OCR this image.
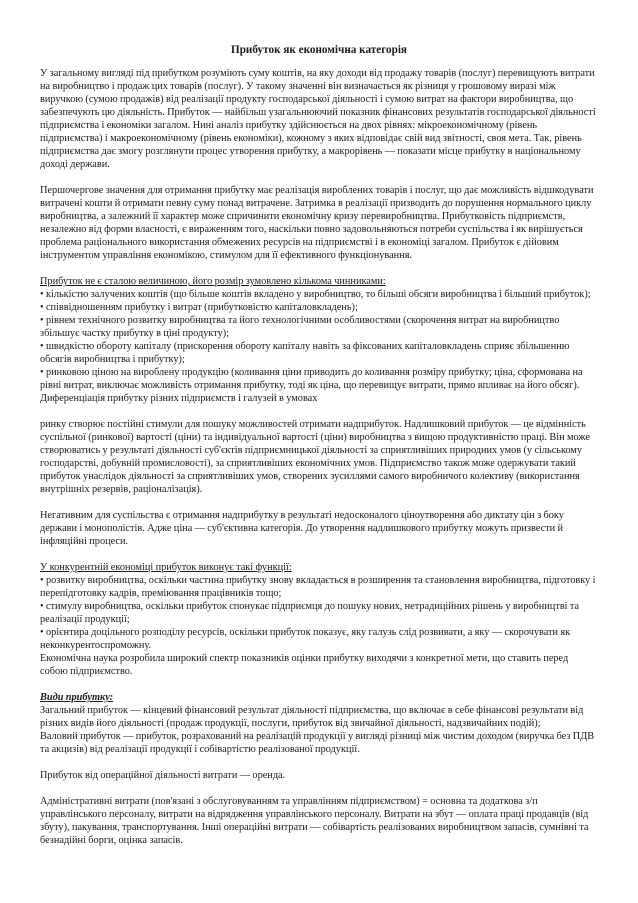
Прибуток як економічна категорія

У загальному вигляді під прибутком розуміють суму коштів, на яку доходи від продажу товарів (послуг) перевищують витрати на виробництво і продаж цих товарів (послуг). У такому значенні він визначається як різниця у грошовому виразі між виручкою (сумою продажів) від реалізації продукту господарської діяльності і сумою витрат на фактори виробництва, що забезпечують цю діяльність. Прибуток — найбільш узагальнюючий показник фінансових результатів господарської діяльності підприємства і економіки загалом. Нині аналіз прибутку здійснюється на двох рівнях: мікроекономічному (рівень підприємства) і макроекономічному (рівень економіки), кожному з яких відповідає свій вид звітності, своя мета. Так, рівень підприємства дає змогу розглянути процес утворення прибутку, а макрорівень — показати місце прибутку в національному доході держави.

Першочергове значення для отримання прибутку має реалізація вироблених товарів і послуг, що дає можливість відшкодувати витрачені кошти й отримати певну суму понад витрачене. Затримка в реалізації призводить до порушення нормального циклу виробництва, а залежний її характер може спричинити економічну кризу перевиробництва. Прибутковість підприємств, незалежно від форми власності, є вираженням того, наскільки повно задовольняються потреби суспільства і як вирішується проблема раціонального використання обмежених ресурсів на підприємстві і в економіці загалом. Прибуток є дійовим інструментом управління економікою, стимулом для її ефективного функціонування.

Прибуток не є сталою величиною, його розмір зумовлено кількома чинниками:
• кількістю залучених коштів (що більше коштів вкладено у виробництво, то більші обсяги виробництва і більший прибуток);
• співвідношенням прибутку і витрат (прибутковістю капіталовкладень);
• рівнем технічного розвитку виробництва та його технологічними особливостями (скорочення витрат на виробництво збільшує частку прибутку в ціні продукту);
• швидкістю обороту капіталу (прискорення обороту капіталу навіть за фіксованих капіталовкладень сприяє збільшенню обсягів виробництва і прибутку);
• ринковою ціною на вироблену продукцію (коливання ціни приводить до коливання розміру прибутку; ціна, сформована на рівні витрат, виключає можливість отримання прибутку, тоді як ціна, що перевищує витрати, прямо впливає на його обсяг). Диференціація прибутку різних підприємств і галузей в умовах

ринку створює постійні стимули для пошуку можливостей отримати надприбуток. Надлишковий прибуток — це відмінність суспільної (ринкової) вартості (ціни) та індивідуальної вартості (ціни) виробництва з вищою продуктивністю праці. Він може створюватись у результаті діяльності суб'єктів підприємницької діяльності за сприятливіших природних умов (у сільському господарстві, добувній промисловості), за сприятливіших економічних умов. Підприємство також може одержувати такий прибуток унаслідок діяльності за сприятливіших умов, створених зусиллями самого виробничого колективу (використання внутрішніх резервів, раціоналізація).

Негативним для суспільства є отримання надприбутку в результаті недосконалого ціноутворення або диктату цін з боку держави і монополістів. Адже ціна — суб'єктивна категорія. До утворення надлишкового прибутку можуть призвести й інфляційні процеси.

У конкурентній економіці прибуток виконує такі функції:
• розвитку виробництва, оскільки частина прибутку знову вкладається в розширення та становлення виробництва, підготовку і перепідготовку кадрів, преміювання працівників тощо;
• стимулу виробництва, оскільки прибуток спонукає підприємця до пошуку нових, нетрадиційних рішень у виробництві та реалізації продукції;
• орієнтира доцільного розподілу ресурсів, оскільки прибуток показує, яку галузь слід розвивати, а яку — скорочувати як неконкурентоспроможну.
Економічна наука розробила широкий спектр показників оцінки прибутку виходячи з конкретної мети, що ставить перед собою підприємство.
Види прибутку:
Загальний прибуток — кінцевий фінансовий результат діяльності підприємства, що включає в себе фінансові результати від різних видів його діяльності (продаж продукції, послуги, прибуток від звичайної діяльності, надзвичайних подій);
Валовий прибуток — прибуток, розрахований на реалізацій продукції у вигляді різниці між чистим доходом (виручка без ПДВ та акцизів) від реалізації продукції і собівартістю реалізованої продукції.

Прибуток від операційної діяльності витрати — оренда.

Адміністративні витрати (пов'язані з обслуговуванням та управлінням підприємством) = основна та додаткова з/п управлінського персоналу, витрати на відрядження управлінського персоналу. Витрати на збут — оплата праці продавців (від збуту), пакування, транспортування. Інші операційні витрати — собівартість реалізованих виробництвом запасів, сумнівні та безнадійні борги, оцінка запасів.
